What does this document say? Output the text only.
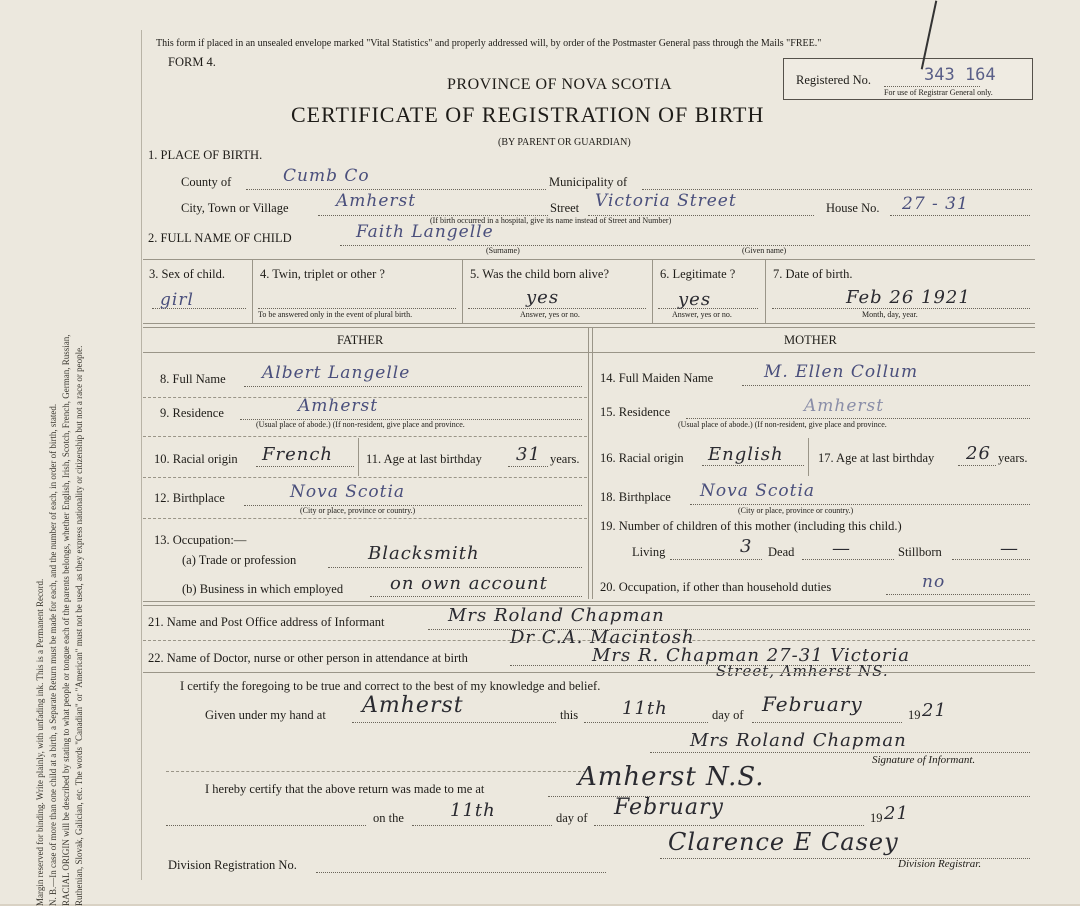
Margin reserved for binding. Write plainly, with unfading ink. This is a Permanent Record. N. B.—In case of more than one child at a birth, a Separate Return must be made for each, and the number of each, in order of birth, stated. RACIAL ORIGIN will be described by stating to what people or tongue each of the parents belongs, whether English, Irish, Scotch, French, German, Russian, Ruthenian, Slovak, Galician, etc. The words "Canadian" or "American" must not be used, as they express nationality or citizenship but not a race or people.
This form if placed in an unsealed envelope marked "Vital Statistics" and properly addressed will, by order of the Postmaster General pass through the Mails "FREE."
FORM 4.
PROVINCE OF NOVA SCOTIA
CERTIFICATE OF REGISTRATION OF BIRTH
(BY PARENT OR GUARDIAN)
Registered No.	343 164
For use of Registrar General only.
1. PLACE OF BIRTH.
County of	Cumb Co	Municipality of
City, Town or Village	Amherst	Street Victoria Street	House No. 27 - 31
(If birth occurred in a hospital, give its name instead of Street and Number)
2. FULL NAME OF CHILD	Faith Langelle
(Surname)	(Given name)
3. Sex of child.
girl
4. Twin, triplet or other ?
To be answered only in the event of plural birth.
5. Was the child born alive?
yes
Answer, yes or no.
6. Legitimate ?
yes
Answer, yes or no.
7. Date of birth.
Feb 26 1921
Month, day, year.
FATHER	MOTHER
8. Full Name Albert Langelle
9. Residence	Amherst
(Usual place of abode.) (If non-resident, give place and province.
10. Racial origin French	11. Age at last birthday 31 years.
12. Birthplace	Nova Scotia
(City or place, province or country.)
13. Occupation:—
(a) Trade or profession	Blacksmith
(b) Business in which employed	on own account
14. Full Maiden Name	M. Ellen Collum
15. Residence	Amherst
(Usual place of abode.) (If non-resident, give place and province.
16. Racial origin English	17. Age at last birthday 26 years.
18. Birthplace Nova Scotia
(City or place, province or country.)
19. Number of children of this mother (including this child.)
Living	3 Dead —	Stillborn	—
20. Occupation, if other than household duties	no
21. Name and Post Office address of Informant	Mrs Roland Chapman
22. Name of Doctor, nurse or other person in attendance at birth
Dr C.A. Macintosh
Mrs R. Chapman 27-31 Victoria
Street, Amherst NS.
I certify the foregoing to be true and correct to the best of my knowledge and belief.
Given under my hand at Amherst	this 11th	day of February	19 21
Mrs Roland Chapman
Signature of Informant.
I hereby certify that the above return was made to me at	Amherst N.S.
on the	11th	day of February	19 21
Division Registration No.
Clarence E Casey
Division Registrar.
